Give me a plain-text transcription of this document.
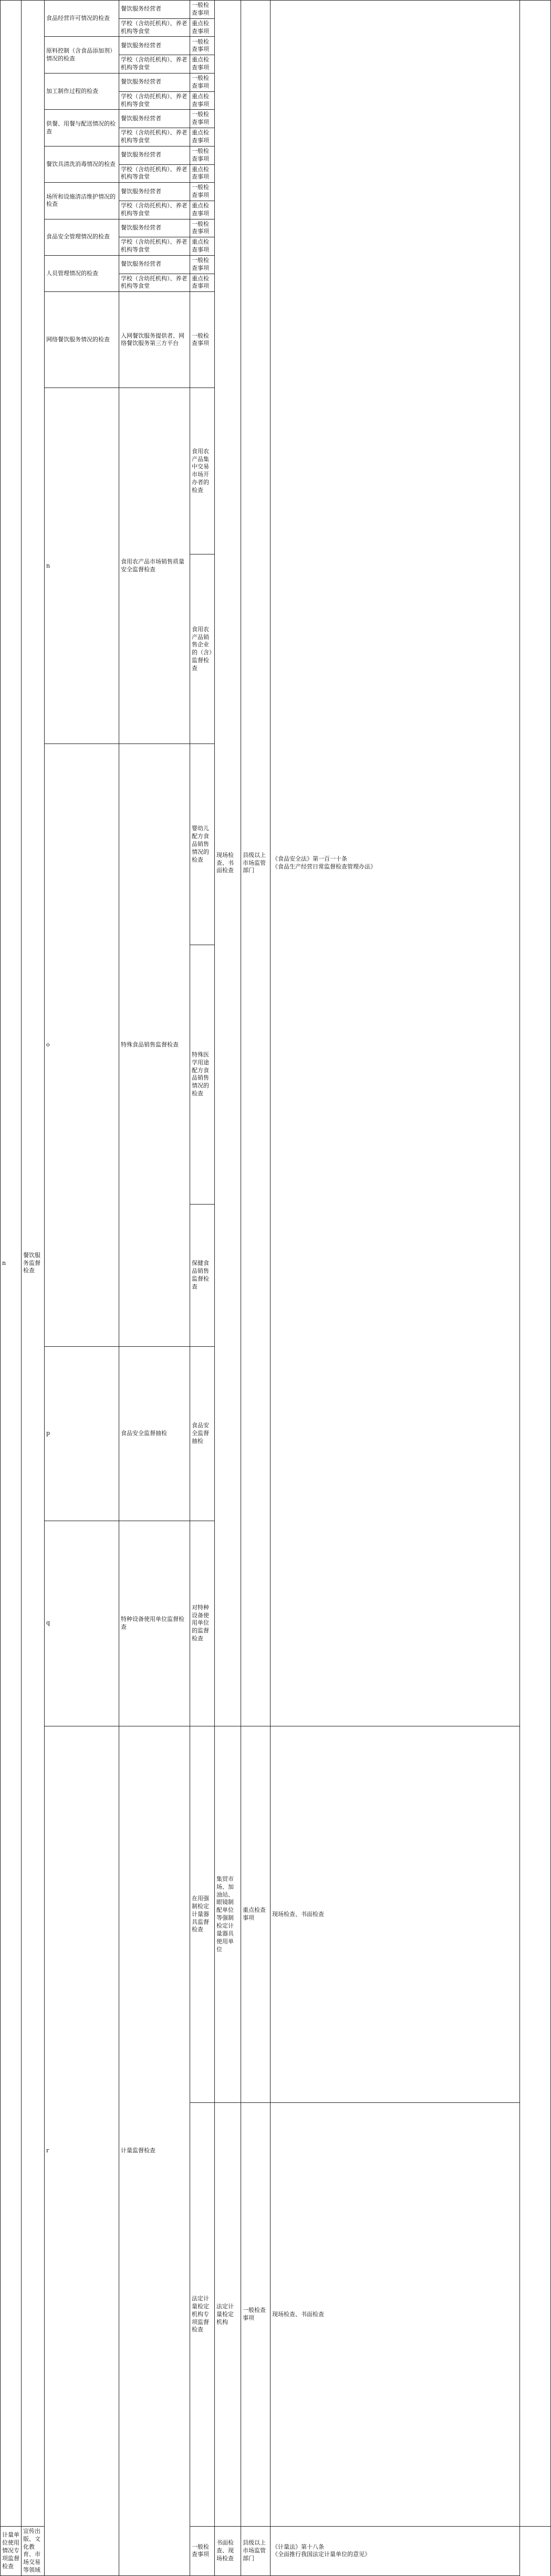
n	餐饮服务监督检查	食品经营许可情况的检查	餐饮服务经营者	一般检查事项	现场检查、书面检查	县级以上市场监管部门	《食品安全法》第一百一十条
《食品生产经营日常监督检查管理办法》		

			学校（含幼托机构）、养老机构等食堂	重点检查事项					

		原料控制（含食品添加剂）情况的检查	餐饮服务经营者	一般检查事项					

			学校（含幼托机构）、养老机构等食堂	重点检查事项					

		加工制作过程的检查	餐饮服务经营者	一般检查事项					

			学校（含幼托机构）、养老机构等食堂	重点检查事项					

		供餐、用餐与配送情况的检查	餐饮服务经营者	一般检查事项					

			学校（含幼托机构）、养老机构等食堂	重点检查事项					

		餐饮具清洗消毒情况的检查	餐饮服务经营者	一般检查事项					

			学校（含幼托机构）、养老机构等食堂	重点检查事项					

		场所和设施清洁维护情况的检查	餐饮服务经营者	一般检查事项					

			学校（含幼托机构）、养老机构等食堂	重点检查事项					

		食品安全管理情况的检查	餐饮服务经营者	一般检查事项					

			学校（含幼托机构）、养老机构等食堂	重点检查事项					

		人员管理情况的检查	餐饮服务经营者	一般检查事项					

			学校（含幼托机构）、养老机构等食堂	重点检查事项					

		网络餐饮服务情况的检查	入网餐饮服务提供者、网络餐饮服务第三方平台	一般检查事项

		n	食用农产品市场销售质量安全监督检查	食用农产品集中交易市场开办者的检查

				食用农产品销售企业的（含）监督检查

		o	特殊食品销售监督检查	婴幼儿配方食品销售情况的检查

				特殊医学用途配方食品销售情况的检查

				保健食品销售监督检查

		p	食品安全监督抽检	食品安全监督抽检

		q	特种设备使用单位监督检查	对特种设备使用单位的监督检查

		r	计量监督检查	在用强制检定计量器具监督检查	集贸市场、加油站、眼镜制配单位等强制检定计量器具使用单位	重点检查事项	现场检查、书面检查

				法定计量检定机构专项监督检查	法定计量检定机构	一般检查事项	现场检查、书面检查

计量单位使用情况专项监督检查	宣传出版、文化教育、市场交易等领域			一般检查事项	书面检查、现场检查	县级以上市场监管部门	《计量法》第十八条
《全面推行我国法定计量单位的意见》		
